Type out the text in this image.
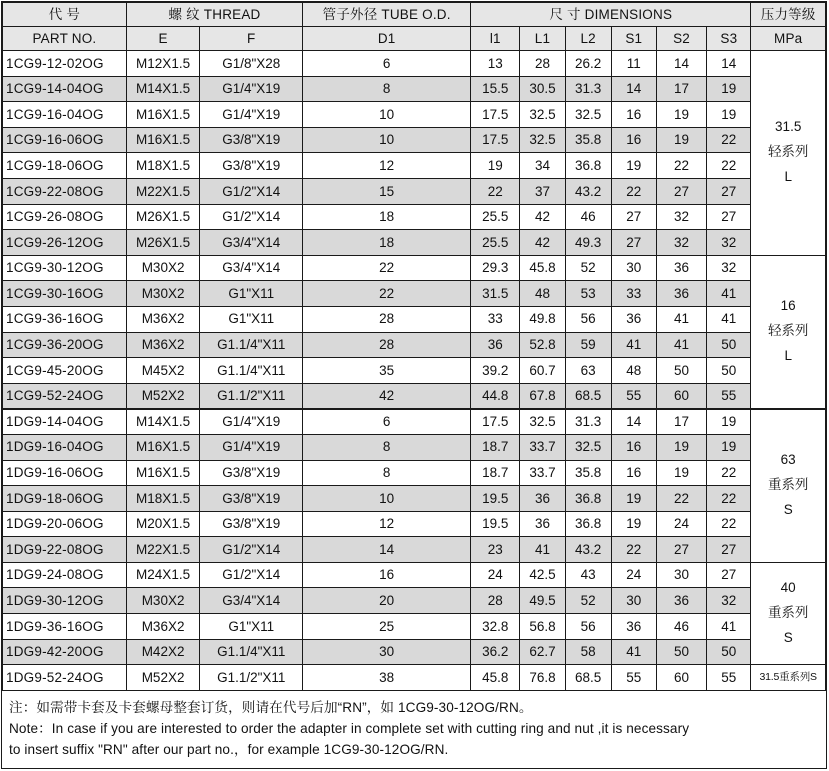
代 号	螺 纹 THREAD		管子外径 TUBE O.D.	尺 寸 DIMENSIONS						压力等级
PART NO.	E	F	D1	l1	L1	L2	S1	S2	S3	MPa
1CG9-12-02OG	M12X1.5	G1/8"X28	6	13	28	26.2	11	14	14	31.5
轻系列
L

1CG9-14-04OG	M14X1.5	G1/4"X19	8	15.5	30.5	31.3	14	17	19	
1CG9-16-04OG	M16X1.5	G1/4"X19	10	17.5	32.5	32.5	16	19	19	
1CG9-16-06OG	M16X1.5	G3/8"X19	10	17.5	32.5	35.8	16	19	22	
1CG9-18-06OG	M18X1.5	G3/8"X19	12	19	34	36.8	19	22	22	
1CG9-22-08OG	M22X1.5	G1/2"X14	15	22	37	43.2	22	27	27	
1CG9-26-08OG	M26X1.5	G1/2"X14	18	25.5	42	46	27	32	27	
1CG9-26-12OG	M26X1.5	G3/4"X14	18	25.5	42	49.3	27	32	32	
1CG9-30-12OG	M30X2	G3/4"X14	22	29.3	45.8	52	30	36	32	16
轻系列
L

1CG9-30-16OG	M30X2	G1"X11	22	31.5	48	53	33	36	41	
1CG9-36-16OG	M36X2	G1"X11	28	33	49.8	56	36	41	41	
1CG9-36-20OG	M36X2	G1.1/4"X11	28	36	52.8	59	41	41	50	
1CG9-45-20OG	M45X2	G1.1/4"X11	35	39.2	60.7	63	48	50	50	
1CG9-52-24OG	M52X2	G1.1/2"X11	42	44.8	67.8	68.5	55	60	55	
1DG9-14-04OG	M14X1.5	G1/4"X19	6	17.5	32.5	31.3	14	17	19	63
重系列
S

1DG9-16-04OG	M16X1.5	G1/4"X19	8	18.7	33.7	32.5	16	19	19	
1DG9-16-06OG	M16X1.5	G3/8"X19	8	18.7	33.7	35.8	16	19	22	
1DG9-18-06OG	M18X1.5	G3/8"X19	10	19.5	36	36.8	19	22	22	
1DG9-20-06OG	M20X1.5	G3/8"X19	12	19.5	36	36.8	19	24	22	
1DG9-22-08OG	M22X1.5	G1/2"X14	14	23	41	43.2	22	27	27	
1DG9-24-08OG	M24X1.5	G1/2"X14	16	24	42.5	43	24	30	27	40
重系列
S

1DG9-30-12OG	M30X2	G3/4"X14	20	28	49.5	52	30	36	32	
1DG9-36-16OG	M36X2	G1"X11	25	32.8	56.8	56	36	46	41	
1DG9-42-20OG	M42X2	G1.1/4"X11	30	36.2	62.7	58	41	50	50	
1DG9-52-24OG	M52X2	G1.1/2"X11	38	45.8	76.8	68.5	55	60	55	31.5重系列S

注：如需带卡套及卡套螺母整套订货，则请在代号后加“RN”，如 1CG9-30-12OG/RN。

Note：In case if you are interested to order the adapter in complete set with cutting ring and nut ,it is necessary

to insert suffix "RN" after our part no.，for example 1CG9-30-12OG/RN.
